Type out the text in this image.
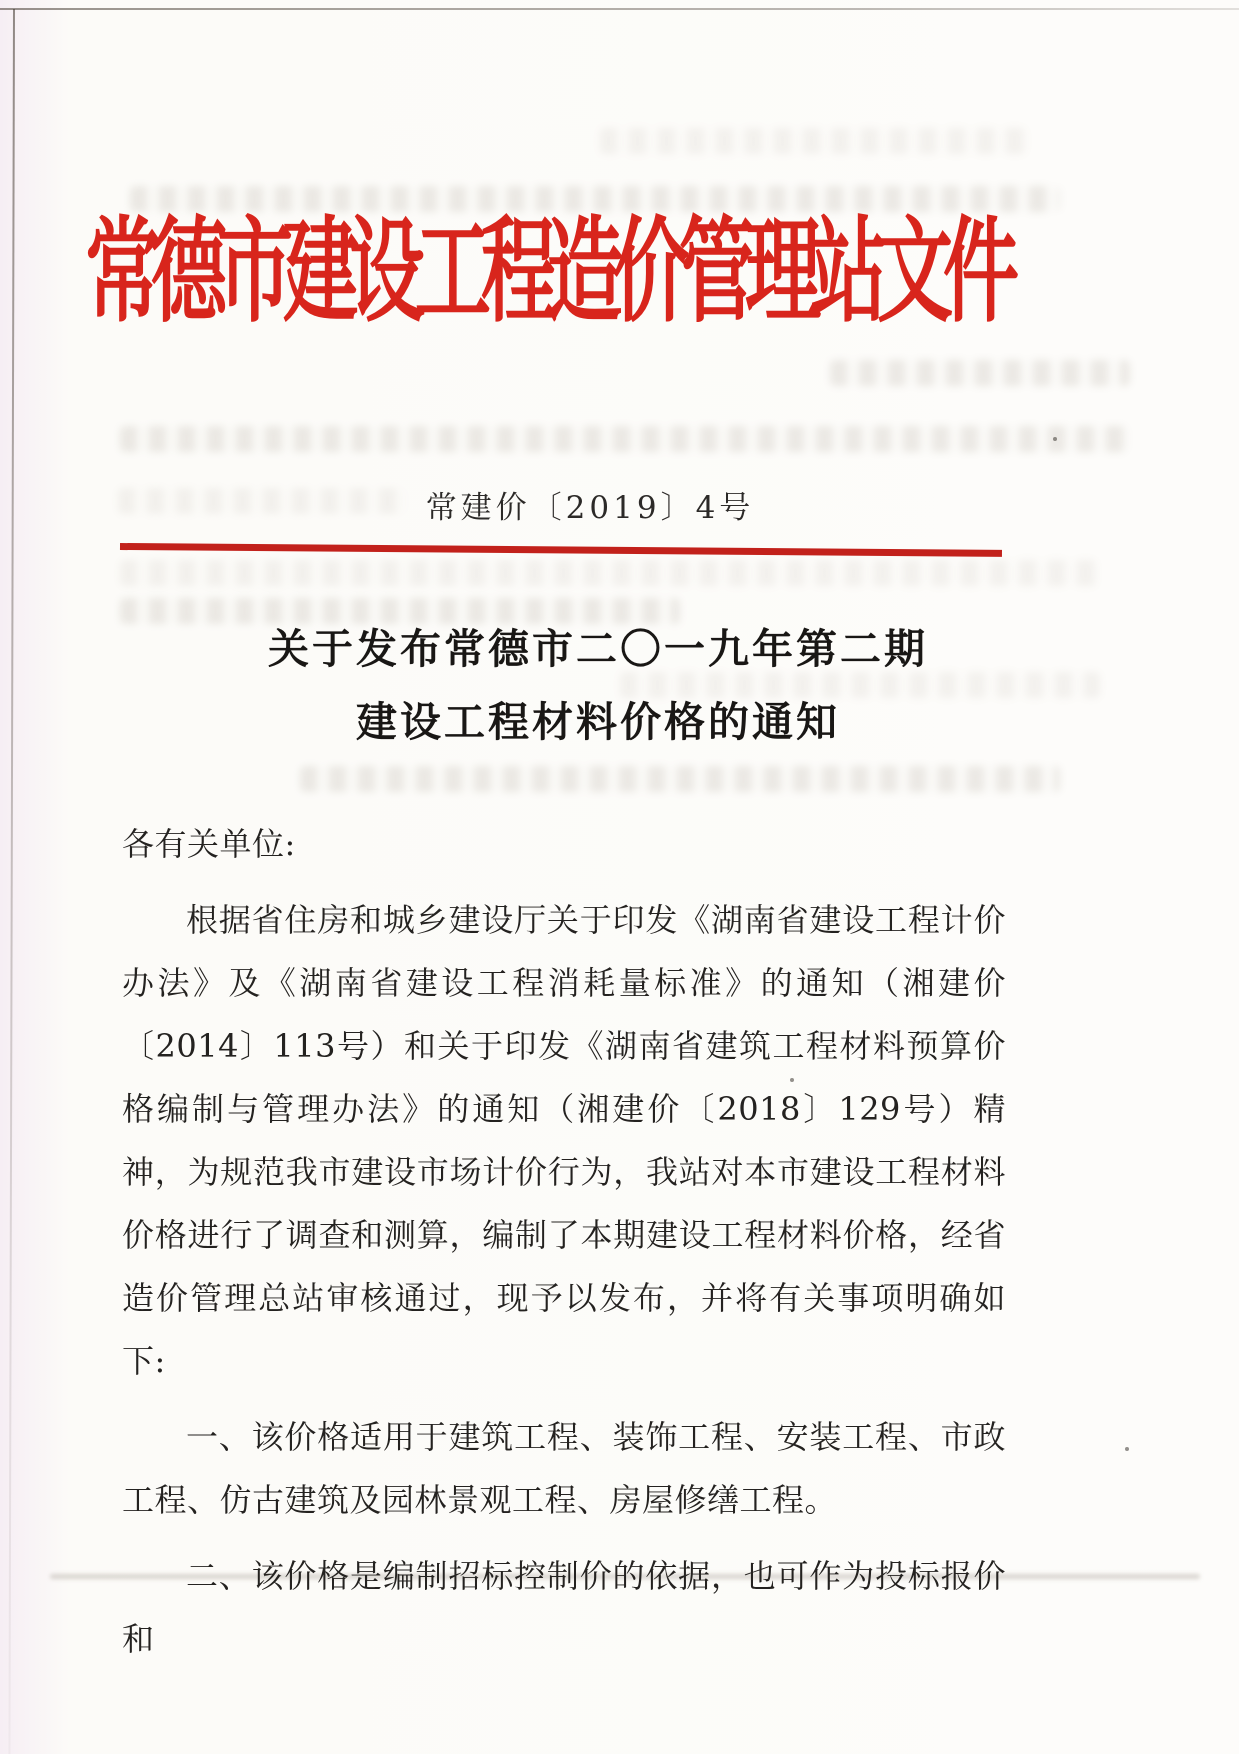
常德市建设工程造价管理站文件
常建价〔2019〕4号
关于发布常德市二〇一九年第二期
建设工程材料价格的通知

各有关单位:

根据省住房和城乡建设厅关于印发《湖南省建设工程计价办法》及《湖南省建设工程消耗量标准》的通知（湘建价〔2014〕113号）和关于印发《湖南省建筑工程材料预算价格编制与管理办法》的通知（湘建价〔2018〕129号）精神，为规范我市建设市场计价行为，我站对本市建设工程材料价格进行了调查和测算，编制了本期建设工程材料价格，经省造价管理总站审核通过，现予以发布，并将有关事项明确如下:

一、该价格适用于建筑工程、装饰工程、安装工程、市政工程、仿古建筑及园林景观工程、房屋修缮工程。

二、该价格是编制招标控制价的依据，也可作为投标报价和
